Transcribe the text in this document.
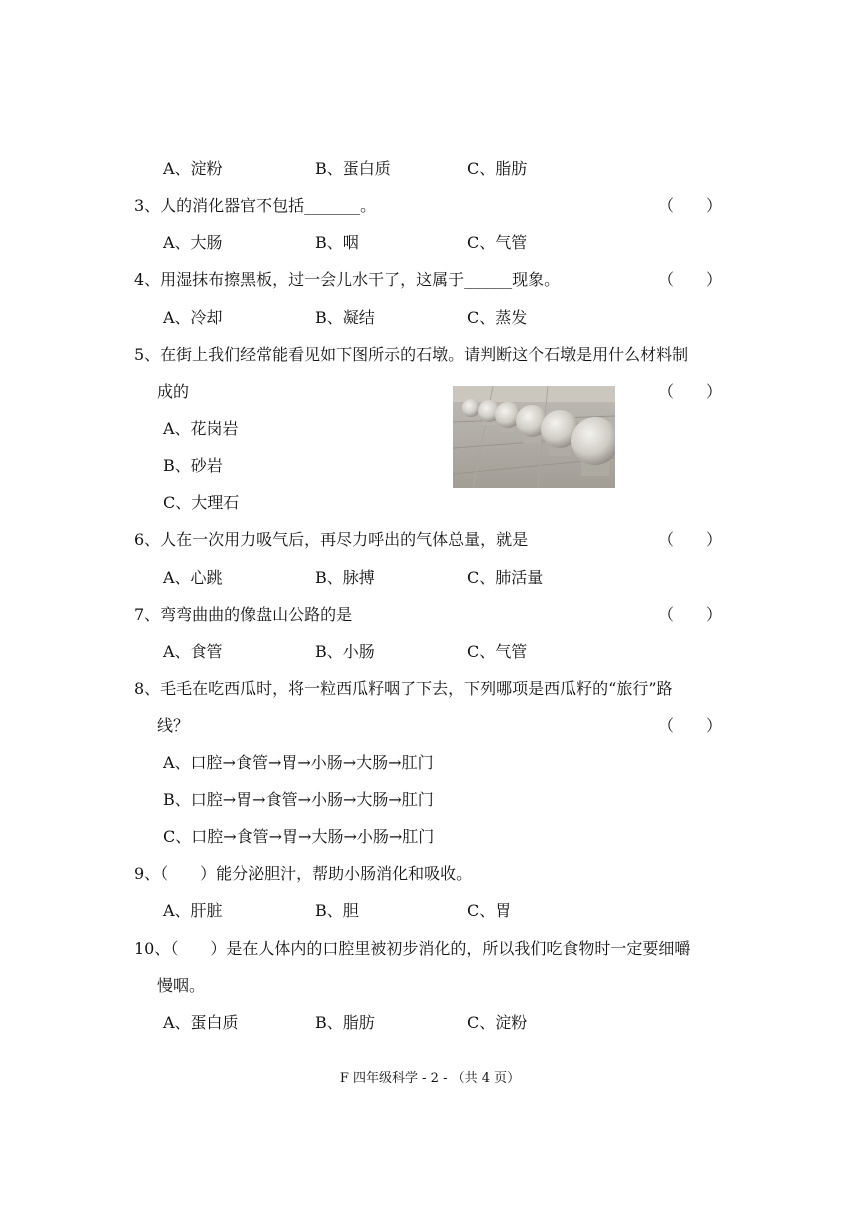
A、淀粉	B、蛋白质	C、脂肪
3、人的消化器官不包括_______。	（　　）
A、大肠	B、咽	C、气管
4、用湿抹布擦黑板，过一会儿水干了，这属于______现象。	（　　）
A、冷却	B、凝结	C、蒸发
5、在街上我们经常能看见如下图所示的石墩。请判断这个石墩是用什么材料制
成的	（　　）
A、花岗岩
B、砂岩
C、大理石
6、人在一次用力吸气后，再尽力呼出的气体总量，就是	（　　）
A、心跳	B、脉搏	C、肺活量
7、弯弯曲曲的像盘山公路的是	（　　）
A、食管	B、小肠	C、气管
8、毛毛在吃西瓜时，将一粒西瓜籽咽了下去，下列哪项是西瓜籽的“旅行”路
线？	（　　）
A、口腔→食管→胃→小肠→大肠→肛门
B、口腔→胃→食管→小肠→大肠→肛门
C、口腔→食管→胃→大肠→小肠→肛门
9、（　　）能分泌胆汁，帮助小肠消化和吸收。
A、肝脏	B、胆	C、胃
10、（　　）是在人体内的口腔里被初步消化的，所以我们吃食物时一定要细嚼
慢咽。
A、蛋白质	B、脂肪	C、淀粉
F 四年级科学 - 2 - （共 4 页）
